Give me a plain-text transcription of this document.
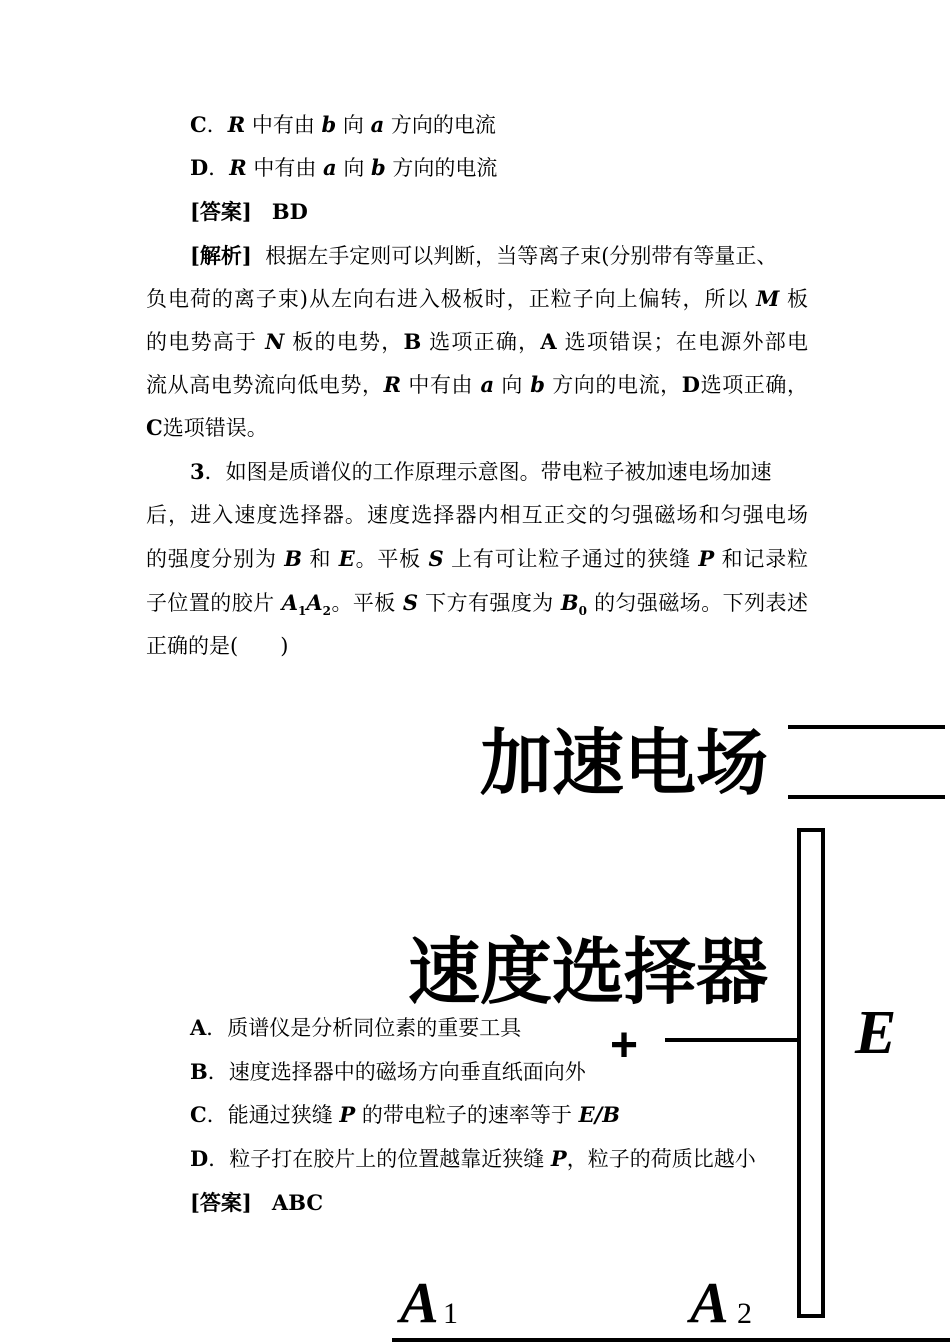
C．R 中有由 b 向 a 方向的电流
D．R 中有由 a 向 b 方向的电流
[答案] BD
[解析] 根据左手定则可以判断，当等离子束(分别带有等量正、
负电荷的离子束)从左向右进入极板时，正粒子向上偏转，所以 M 板
的电势高于 N 板的电势，B 选项正确，A 选项错误；在电源外部电
流从高电势流向低电势，R 中有由 a 向 b 方向的电流，D选项正确，
C选项错误。
3．如图是质谱仪的工作原理示意图。带电粒子被加速电场加速
后，进入速度选择器。速度选择器内相互正交的匀强磁场和匀强电场
的强度分别为 B 和 E。平板 S 上有可让粒子通过的狭缝 P 和记录粒
子位置的胶片 $A_1A_2$。平板 S 下方有强度为 $B_0$ 的匀强磁场。下列表述
正确的是(　　)
加速电场
速度选择器
+	E
A 1	A 2
A．质谱仪是分析同位素的重要工具
B．速度选择器中的磁场方向垂直纸面向外
C．能通过狭缝 P 的带电粒子的速率等于 E/B
D．粒子打在胶片上的位置越靠近狭缝 P，粒子的荷质比越小
[答案] ABC
